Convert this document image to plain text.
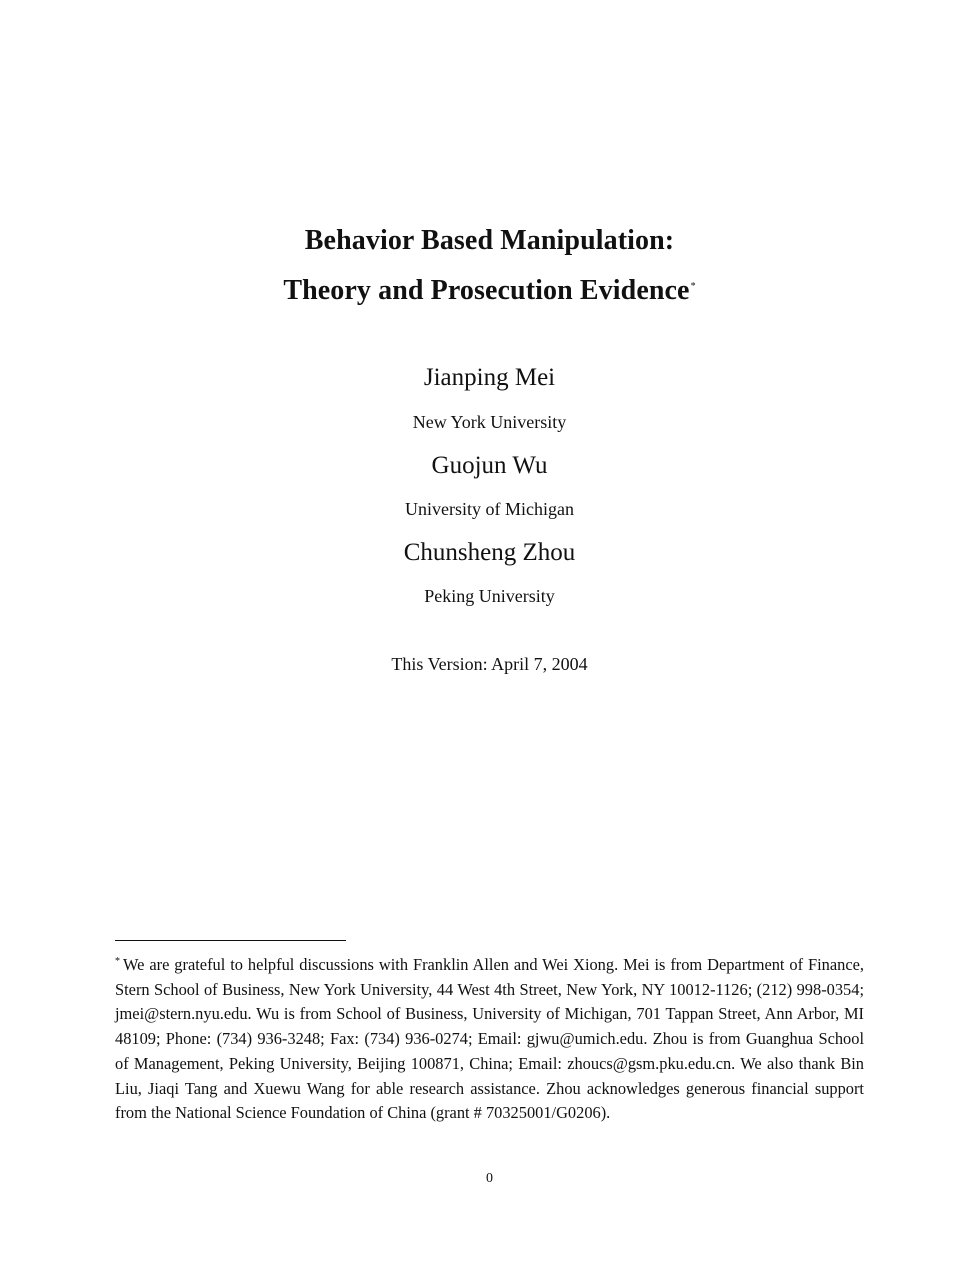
Behavior Based Manipulation:
Theory and Prosecution Evidence*
Jianping Mei
New York University
Guojun Wu
University of Michigan
Chunsheng Zhou
Peking University
This Version: April 7, 2004
* We are grateful to helpful discussions with Franklin Allen and Wei Xiong. Mei is from Department of Finance, Stern School of Business, New York University, 44 West 4th Street, New York, NY 10012-1126; (212) 998-0354; jmei@stern.nyu.edu. Wu is from School of Business, University of Michigan, 701 Tappan Street, Ann Arbor, MI 48109; Phone: (734) 936-3248; Fax: (734) 936-0274; Email: gjwu@umich.edu. Zhou is from Guanghua School of Management, Peking University, Beijing 100871, China; Email: zhoucs@gsm.pku.edu.cn. We also thank Bin Liu, Jiaqi Tang and Xuewu Wang for able research assistance. Zhou acknowledges generous financial support from the National Science Foundation of China (grant # 70325001/G0206).
0
